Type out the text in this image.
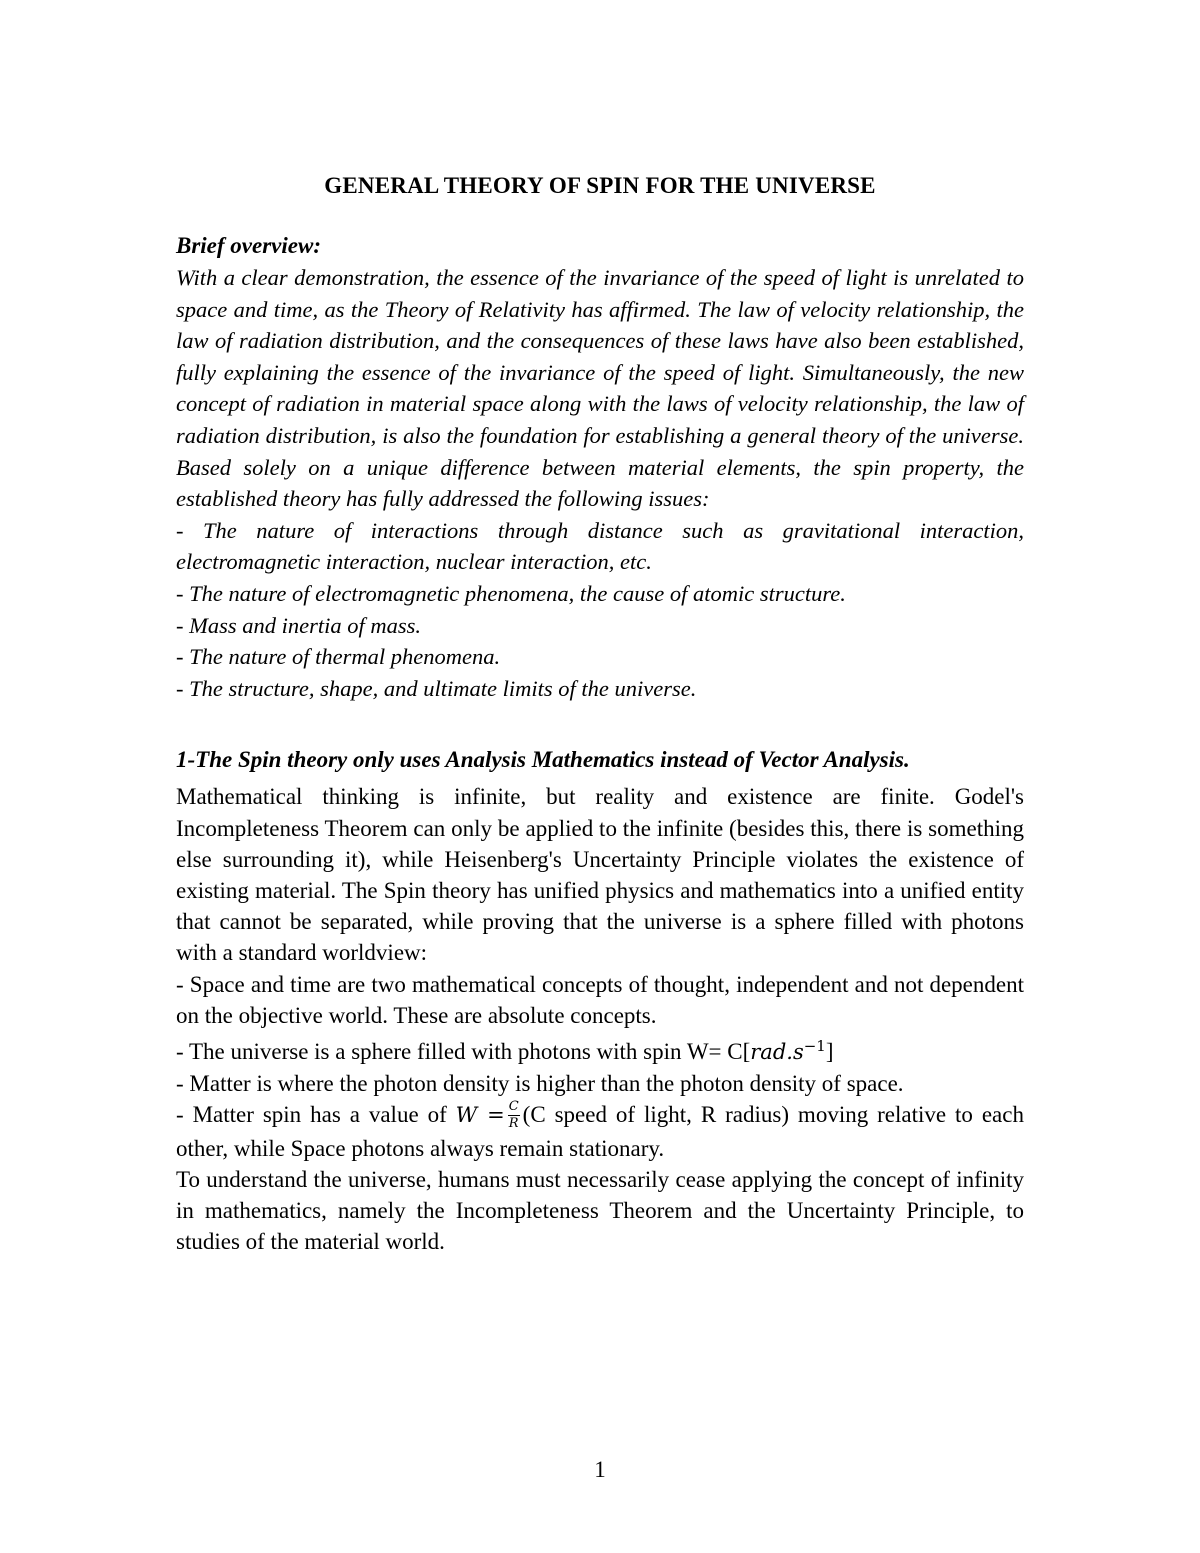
GENERAL THEORY OF SPIN FOR THE UNIVERSE

Brief overview:

With a clear demonstration, the essence of the invariance of the speed of light is unrelated to space and time, as the Theory of Relativity has affirmed. The law of velocity relationship, the law of radiation distribution, and the consequences of these laws have also been established, fully explaining the essence of the invariance of the speed of light. Simultaneously, the new concept of radiation in material space along with the laws of velocity relationship, the law of radiation distribution, is also the foundation for establishing a general theory of the universe. Based solely on a unique difference between material elements, the spin property, the established theory has fully addressed the following issues:

- The nature of interactions through distance such as gravitational interaction, electromagnetic interaction, nuclear interaction, etc.

- The nature of electromagnetic phenomena, the cause of atomic structure.

- Mass and inertia of mass.

- The nature of thermal phenomena.

- The structure, shape, and ultimate limits of the universe.

1-The Spin theory only uses Analysis Mathematics instead of Vector Analysis.

Mathematical thinking is infinite, but reality and existence are finite. Godel's Incompleteness Theorem can only be applied to the infinite (besides this, there is something else surrounding it), while Heisenberg's Uncertainty Principle violates the existence of existing material. The Spin theory has unified physics and mathematics into a unified entity that cannot be separated, while proving that the universe is a sphere filled with photons with a standard worldview:

- Space and time are two mathematical concepts of thought, independent and not dependent on the objective world. These are absolute concepts.

- The universe is a sphere filled with photons with spin $W= C[rad.s^{-1}]$

- Matter is where the photon density is higher than the photon density of space.

- Matter spin has a value of $W = \frac{C}{R} (C$ speed of light, R radius) moving relative to each other, while Space photons always remain stationary.

To understand the universe, humans must necessarily cease applying the concept of infinity in mathematics, namely the Incompleteness Theorem and the Uncertainty Principle, to studies of the material world.

1
